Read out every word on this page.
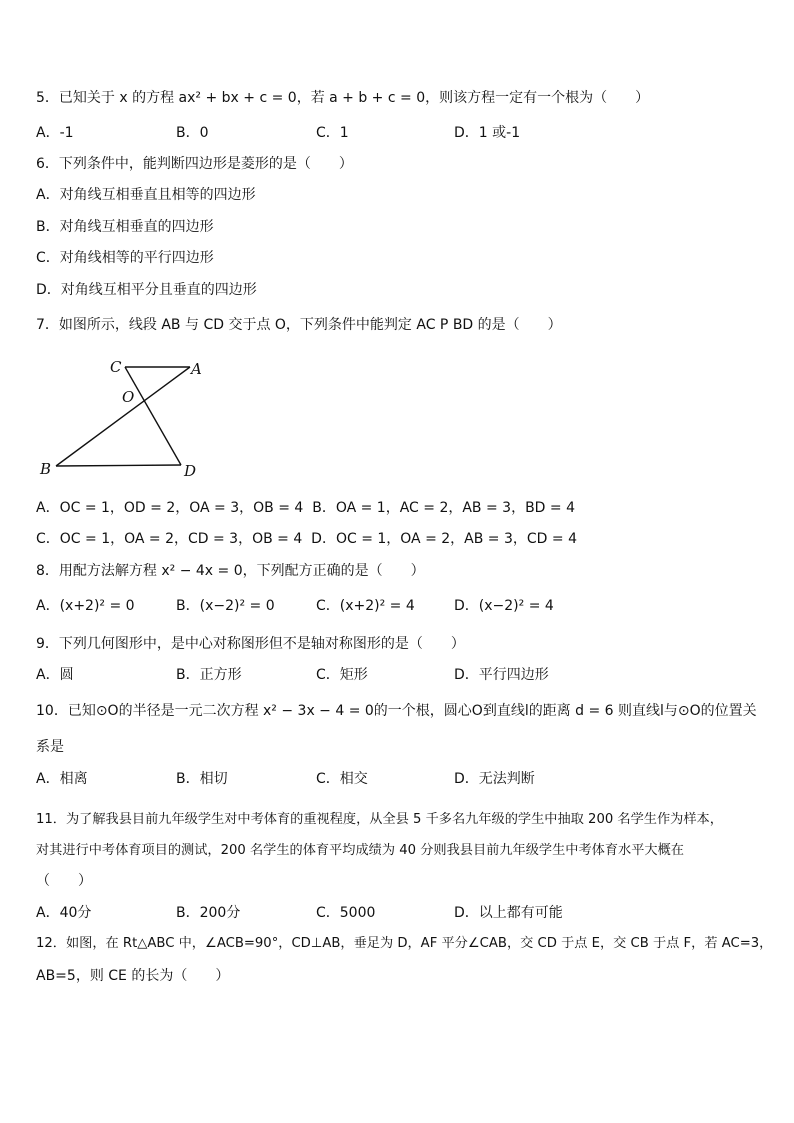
5．已知关于 x 的方程 ax² + bx + c = 0，若 a + b + c = 0，则该方程一定有一个根为（　　）
A．-1	B．0	C．1	D．1 或-1
6．下列条件中，能判断四边形是菱形的是（　　）
A．对角线互相垂直且相等的四边形
B．对角线互相垂直的四边形
C．对角线相等的平行四边形
D．对角线互相平分且垂直的四边形
7．如图所示，线段 AB 与 CD 交于点 O，下列条件中能判定 AC P BD 的是（　　）
C	A
O
B	D
A．OC = 1，OD = 2，OA = 3，OB = 4 B．OA = 1，AC = 2，AB = 3，BD = 4
C．OC = 1，OA = 2，CD = 3，OB = 4 D．OC = 1，OA = 2，AB = 3，CD = 4
8．用配方法解方程 x² − 4x = 0，下列配方正确的是（　　）
A．(x+2)² = 0	B．(x−2)² = 0	C．(x+2)² = 4	D．(x−2)² = 4
9．下列几何图形中，是中心对称图形但不是轴对称图形的是（　　）
A．圆	B．正方形	C．矩形	D．平行四边形
10．已知⊙O的半径是一元二次方程 x² − 3x − 4 = 0的一个根，圆心O到直线l的距离 d = 6 则直线l与⊙O的位置关
系是
A．相离	B．相切	C．相交	D．无法判断
11．为了解我县目前九年级学生对中考体育的重视程度，从全县 5 千多名九年级的学生中抽取 200 名学生作为样本，
对其进行中考体育项目的测试，200 名学生的体育平均成绩为 40 分则我县目前九年级学生中考体育水平大概在
（　　）
A．40分	B．200分	C．5000	D．以上都有可能
12．如图，在 Rt△ABC 中，∠ACB=90°，CD⊥AB，垂足为 D，AF 平分∠CAB，交 CD 于点 E，交 CB 于点 F，若 AC=3，
AB=5，则 CE 的长为（　　）
